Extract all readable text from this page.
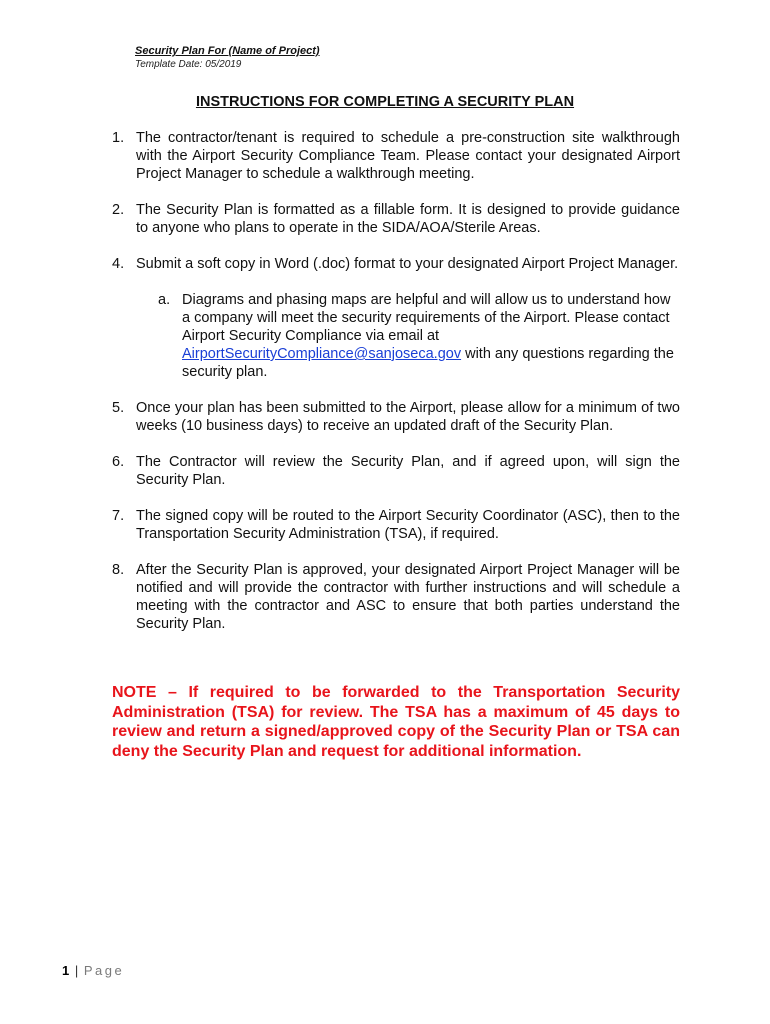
Security Plan For (Name of Project)
Template Date: 05/2019
INSTRUCTIONS FOR COMPLETING A SECURITY PLAN
1. The contractor/tenant is required to schedule a pre-construction site walkthrough with the Airport Security Compliance Team. Please contact your designated Airport Project Manager to schedule a walkthrough meeting.
2. The Security Plan is formatted as a fillable form. It is designed to provide guidance to anyone who plans to operate in the SIDA/AOA/Sterile Areas.
4. Submit a soft copy in Word (.doc) format to your designated Airport Project Manager.
a. Diagrams and phasing maps are helpful and will allow us to understand how a company will meet the security requirements of the Airport. Please contact Airport Security Compliance via email at AirportSecurityCompliance@sanjoseca.gov with any questions regarding the security plan.
5. Once your plan has been submitted to the Airport, please allow for a minimum of two weeks (10 business days) to receive an updated draft of the Security Plan.
6. The Contractor will review the Security Plan, and if agreed upon, will sign the Security Plan.
7. The signed copy will be routed to the Airport Security Coordinator (ASC), then to the Transportation Security Administration (TSA), if required.
8. After the Security Plan is approved, your designated Airport Project Manager will be notified and will provide the contractor with further instructions and will schedule a meeting with the contractor and ASC to ensure that both parties understand the Security Plan.
NOTE – If required to be forwarded to the Transportation Security Administration (TSA) for review. The TSA has a maximum of 45 days to review and return a signed/approved copy of the Security Plan or TSA can deny the Security Plan and request for additional information.
1 | Page
